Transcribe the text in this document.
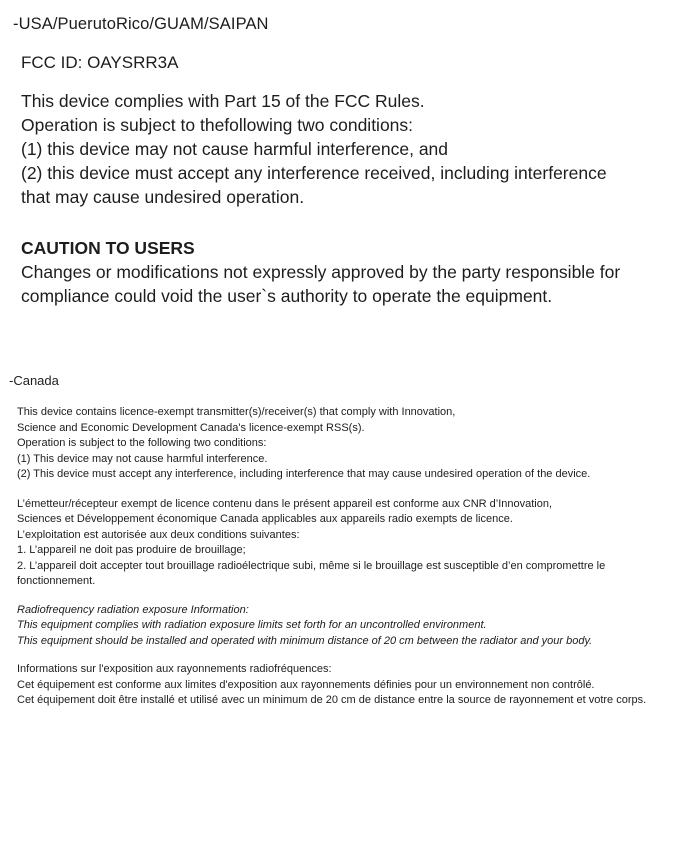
-USA/PuerutoRico/GUAM/SAIPAN
FCC ID: OAYSRR3A
This device complies with Part 15 of the FCC Rules.
Operation is subject to thefollowing two conditions:
(1) this device may not cause harmful interference, and
(2) this device must accept any interference received, including interference
that may cause undesired operation.
CAUTION TO USERS
Changes or modifications not expressly approved by the party responsible for
compliance could void the user`s authority to operate the equipment.
-Canada
This device contains licence-exempt transmitter(s)/receiver(s) that comply with Innovation,
Science and Economic Development Canada's licence-exempt RSS(s).
Operation is subject to the following two conditions:
(1) This device may not cause harmful interference.
(2) This device must accept any interference, including interference that may cause undesired operation of the device.
L’émetteur/récepteur exempt de licence contenu dans le présent appareil est conforme aux CNR d’Innovation,
Sciences et Développement économique Canada applicables aux appareils radio exempts de licence.
L’exploitation est autorisée aux deux conditions suivantes:
1. L’appareil ne doit pas produire de brouillage;
2. L’appareil doit accepter tout brouillage radioélectrique subi, même si le brouillage est susceptible d’en compromettre le
fonctionnement.
Radiofrequency radiation exposure Information:
This equipment complies with radiation exposure limits set forth for an uncontrolled environment.
This equipment should be installed and operated with minimum distance of 20 cm between the radiator and your body.
Informations sur l'exposition aux rayonnements radiofréquences:
Cet équipement est conforme aux limites d'exposition aux rayonnements définies pour un environnement non contrôlé.
Cet équipement doit être installé et utilisé avec un minimum de 20 cm de distance entre la source de rayonnement et votre corps.
